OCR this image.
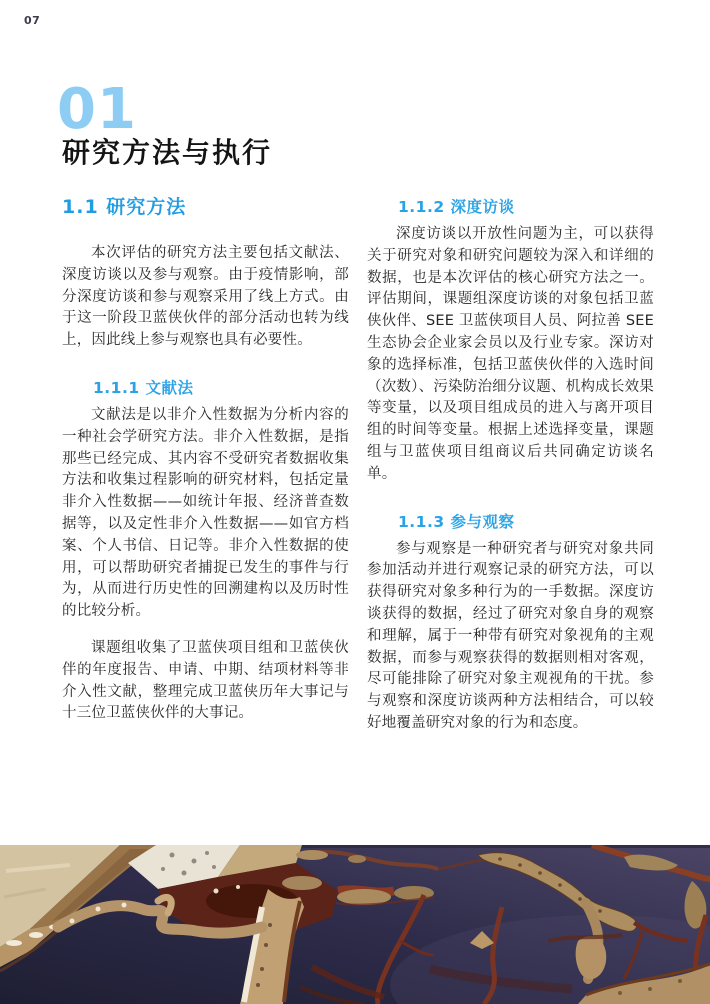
07
01
研究方法与执行
1.1 研究方法

本次评估的研究方法主要包括文献法、深度访谈以及参与观察。由于疫情影响，部分深度访谈和参与观察采用了线上方式。由于这一阶段卫蓝侠伙伴的部分活动也转为线上，因此线上参与观察也具有必要性。

1.1.1 文献法

文献法是以非介入性数据为分析内容的一种社会学研究方法。非介入性数据，是指那些已经完成、其内容不受研究者数据收集方法和收集过程影响的研究材料，包括定量非介入性数据——如统计年报、经济普查数据等，以及定性非介入性数据——如官方档案、个人书信、日记等。非介入性数据的使用，可以帮助研究者捕捉已发生的事件与行为，从而进行历史性的回溯建构以及历时性的比较分析。

课题组收集了卫蓝侠项目组和卫蓝侠伙伴的年度报告、申请、中期、结项材料等非介入性文献，整理完成卫蓝侠历年大事记与十三位卫蓝侠伙伴的大事记。

1.1.2 深度访谈

深度访谈以开放性问题为主，可以获得关于研究对象和研究问题较为深入和详细的数据，也是本次评估的核心研究方法之一。评估期间，课题组深度访谈的对象包括卫蓝侠伙伴、SEE 卫蓝侠项目人员、阿拉善 SEE 生态协会企业家会员以及行业专家。深访对象的选择标准，包括卫蓝侠伙伴的入选时间（次数）、污染防治细分议题、机构成长效果等变量，以及项目组成员的进入与离开项目组的时间等变量。根据上述选择变量，课题组与卫蓝侠项目组商议后共同确定访谈名单。

1.1.3 参与观察

参与观察是一种研究者与研究对象共同参加活动并进行观察记录的研究方法，可以获得研究对象多种行为的一手数据。深度访谈获得的数据，经过了研究对象自身的观察和理解，属于一种带有研究对象视角的主观数据，而参与观察获得的数据则相对客观，尽可能排除了研究对象主观视角的干扰。参与观察和深度访谈两种方法相结合，可以较好地覆盖研究对象的行为和态度。
